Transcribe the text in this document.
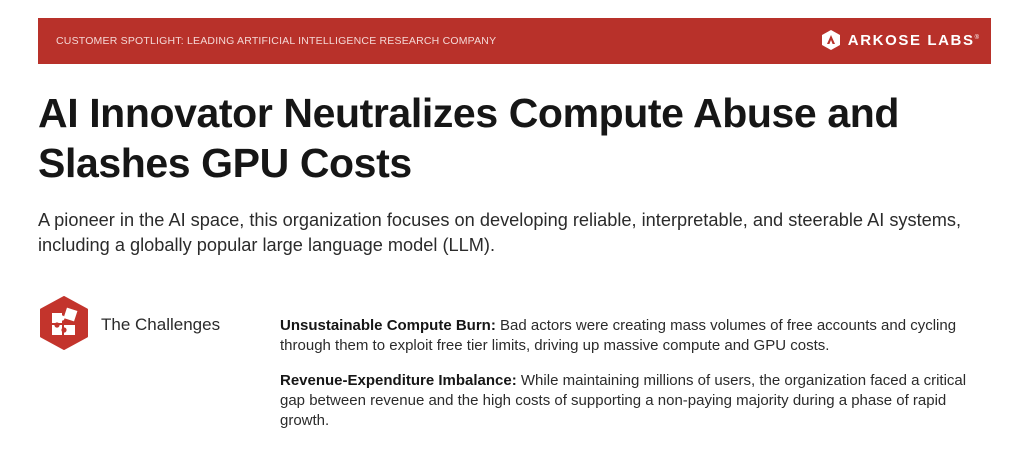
CUSTOMER SPOTLIGHT: LEADING ARTIFICIAL INTELLIGENCE RESEARCH COMPANY	ARKOSE LABS®
AI Innovator Neutralizes Compute Abuse and Slashes GPU Costs

A pioneer in the AI space, this organization focuses on developing reliable, interpretable, and steerable AI systems, including a globally popular large language model (LLM).

The Challenges	Unsustainable Compute Burn: Bad actors were creating mass volumes of free accounts and cycling through them to exploit free tier limits, driving up massive compute and GPU costs.

Revenue-Expenditure Imbalance: While maintaining millions of users, the organization faced a critical gap between revenue and the high costs of supporting a non-paying majority during a phase of rapid growth.
